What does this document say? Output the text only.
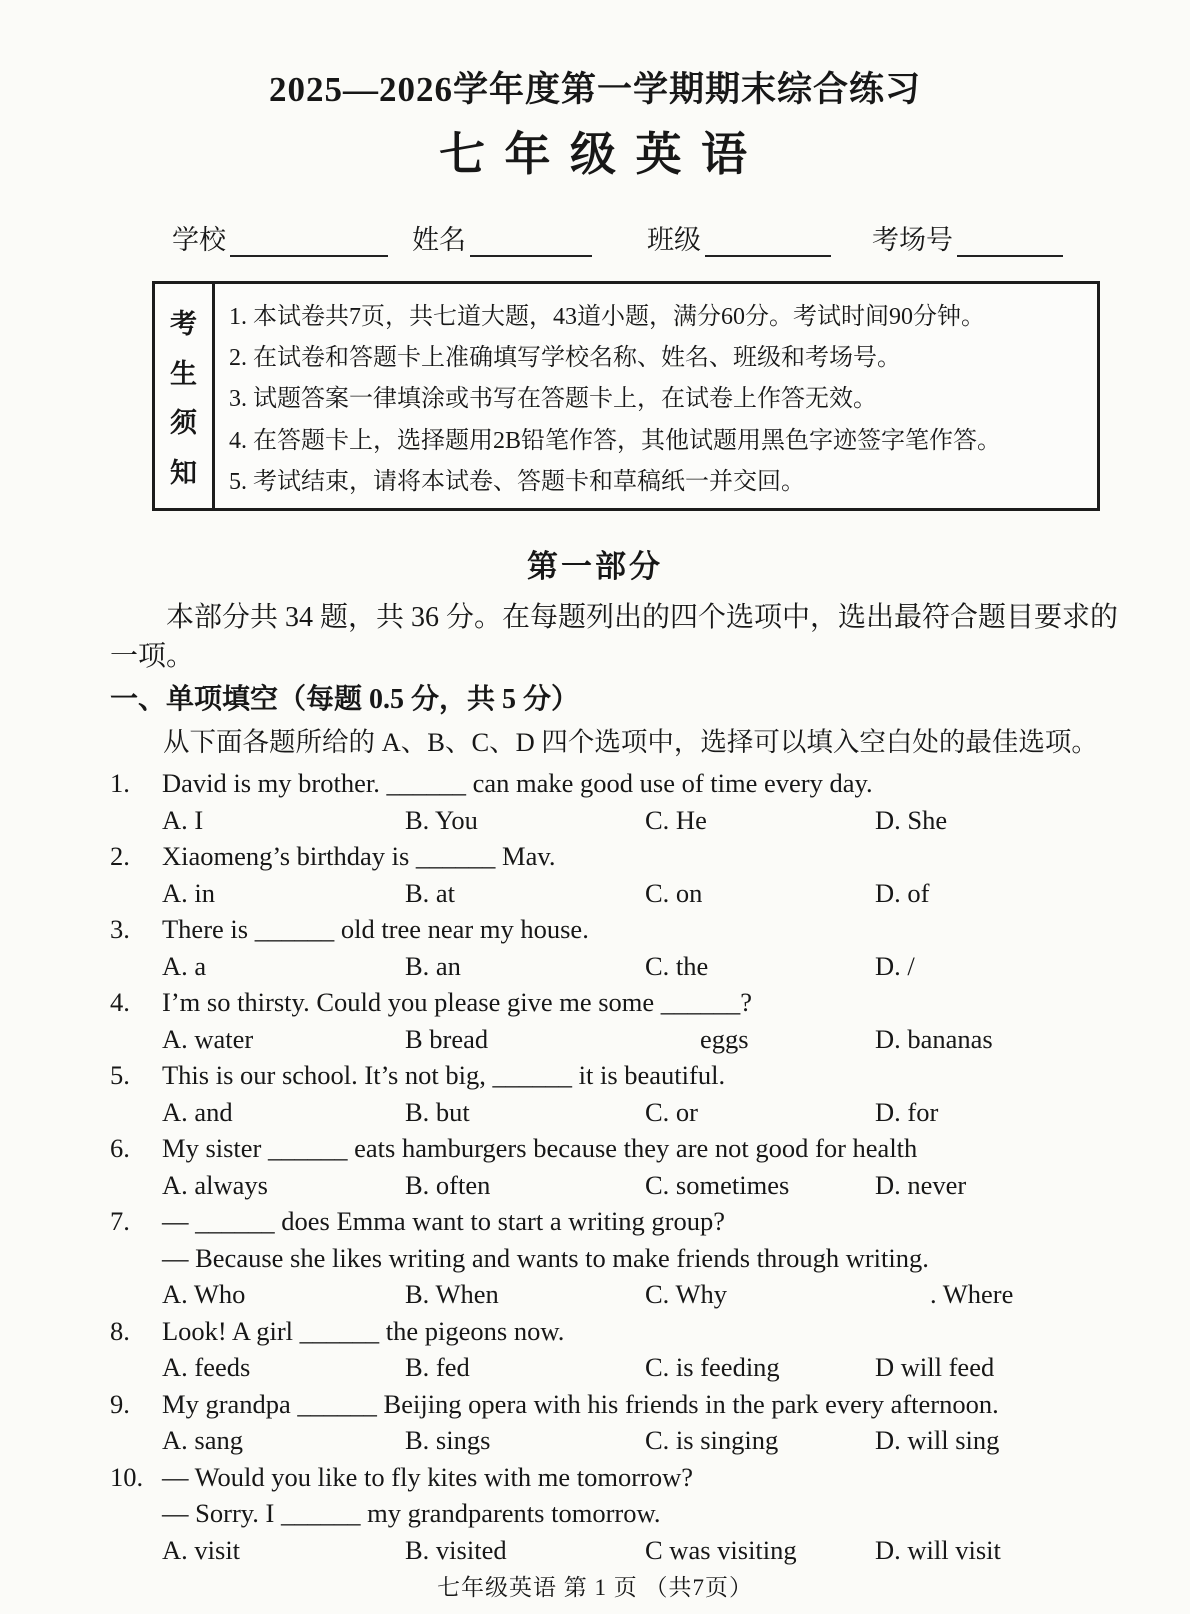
2025—2026学年度第一学期期末综合练习
七 年 级 英 语
学校	姓名	班级	考场号
考
生
须
知
1. 本试卷共7页，共七道大题，43道小题，满分60分。考试时间90分钟。
2. 在试卷和答题卡上准确填写学校名称、姓名、班级和考场号。
3. 试题答案一律填涂或书写在答题卡上，在试卷上作答无效。
4. 在答题卡上，选择题用2B铅笔作答，其他试题用黑色字迹签字笔作答。
5. 考试结束，请将本试卷、答题卡和草稿纸一并交回。
第一部分
本部分共 34 题，共 36 分。在每题列出的四个选项中，选出最符合题目要求的
一项。
一、单项填空（每题 0.5 分，共 5 分）
从下面各题所给的 A、B、C、D 四个选项中，选择可以填入空白处的最佳选项。
1.	David is my brother. ______ can make good use of time every day.
A. I	B. You	C. He	D. She
2.	Xiaomeng’s birthday is ______ Mav.
A. in	B. at	C. on	D. of
3.	There is ______ old tree near my house.
A. a	B. an	C. the	D. /
4.	I’m so thirsty. Could you please give me some ______?
A. water	B bread	eggs	D. bananas
5.	This is our school. It’s not big, ______ it is beautiful.
A. and	B. but	C. or	D. for
6.	My sister ______ eats hamburgers because they are not good for health
A. always	B. often	C. sometimes	D. never
7.	— ______ does Emma want to start a writing group?
— Because she likes writing and wants to make friends through writing.
A. Who	B. When	C. Why	. Where
8.	Look! A girl ______ the pigeons now.
A. feeds	B. fed	C. is feeding	D will feed
9.	My grandpa ______ Beijing opera with his friends in the park every afternoon.
A. sang	B. sings	C. is singing	D. will sing
10. — Would you like to fly kites with me tomorrow?
— Sorry. I ______ my grandparents tomorrow.
A. visit	B. visited	C was visiting	D. will visit
七年级英语 第 1 页 （共7页）
